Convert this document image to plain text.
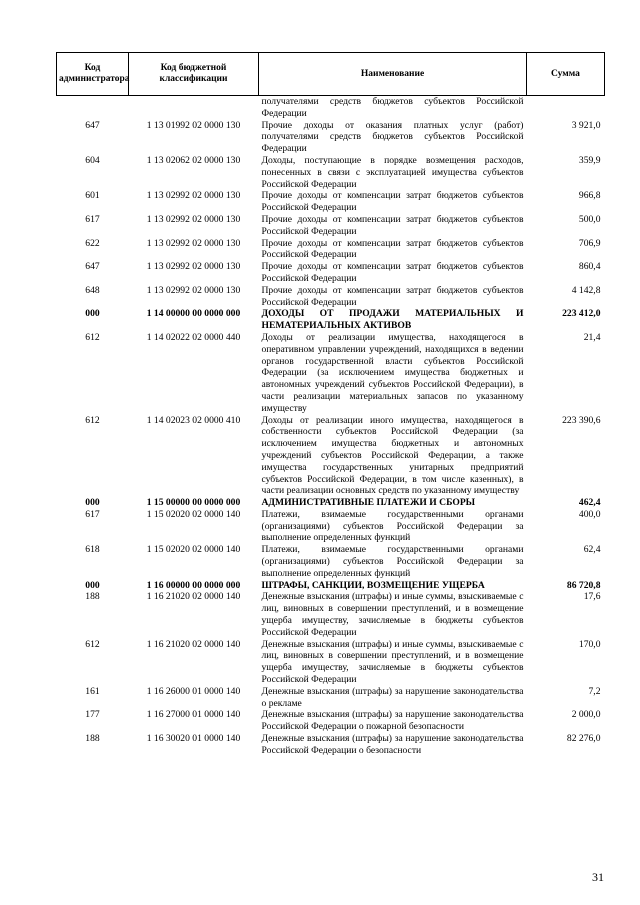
Код администратора	Код бюджетной классификации	Наименование	Сумма
		получателями средств бюджетов субъектов Российской Федерации	
647	1 13 01992 02 0000 130	Прочие доходы от оказания платных услуг (работ) получателями средств бюджетов субъектов Российской Федерации	3 921,0
604	1 13 02062 02 0000 130	Доходы, поступающие в порядке возмещения расходов, понесенных в связи с эксплуатацией имущества субъектов Российской Федерации	359,9
601	1 13 02992 02 0000 130	Прочие доходы от компенсации затрат бюджетов субъектов Российской Федерации	966,8
617	1 13 02992 02 0000 130	Прочие доходы от компенсации затрат бюджетов субъектов Российской Федерации	500,0
622	1 13 02992 02 0000 130	Прочие доходы от компенсации затрат бюджетов субъектов Российской Федерации	706,9
647	1 13 02992 02 0000 130	Прочие доходы от компенсации затрат бюджетов субъектов Российской Федерации	860,4
648	1 13 02992 02 0000 130	Прочие доходы от компенсации затрат бюджетов субъектов Российской Федерации	4 142,8
000	1 14 00000 00 0000 000	ДОХОДЫ ОТ ПРОДАЖИ МАТЕРИАЛЬНЫХ И НЕМАТЕРИАЛЬНЫХ АКТИВОВ	223 412,0
612	1 14 02022 02 0000 440	Доходы от реализации имущества, находящегося в оперативном управлении учреждений, находящихся в ведении органов государственной власти субъектов Российской Федерации (за исключением имущества бюджетных и автономных учреждений субъектов Российской Федерации), в части реализации материальных запасов по указанному имуществу	21,4
612	1 14 02023 02 0000 410	Доходы от реализации иного имущества, находящегося в собственности субъектов Российской Федерации (за исключением имущества бюджетных и автономных учреждений субъектов Российской Федерации, а также имущества государственных унитарных предприятий субъектов Российской Федерации, в том числе казенных), в части реализации основных средств по указанному имуществу	223 390,6
000	1 15 00000 00 0000 000	АДМИНИСТРАТИВНЫЕ ПЛАТЕЖИ И СБОРЫ	462,4
617	1 15 02020 02 0000 140	Платежи, взимаемые государственными органами (организациями) субъектов Российской Федерации за выполнение определенных функций	400,0
618	1 15 02020 02 0000 140	Платежи, взимаемые государственными органами (организациями) субъектов Российской Федерации за выполнение определенных функций	62,4
000	1 16 00000 00 0000 000	ШТРАФЫ, САНКЦИИ, ВОЗМЕЩЕНИЕ УЩЕРБА	86 720,8
188	1 16 21020 02 0000 140	Денежные взыскания (штрафы) и иные суммы, взыскиваемые с лиц, виновных в совершении преступлений, и в возмещение ущерба имуществу, зачисляемые в бюджеты субъектов Российской Федерации	17,6
612	1 16 21020 02 0000 140	Денежные взыскания (штрафы) и иные суммы, взыскиваемые с лиц, виновных в совершении преступлений, и в возмещение ущерба имуществу, зачисляемые в бюджеты субъектов Российской Федерации	170,0
161	1 16 26000 01 0000 140	Денежные взыскания (штрафы) за нарушение законодательства о рекламе	7,2
177	1 16 27000 01 0000 140	Денежные взыскания (штрафы) за нарушение законодательства Российской Федерации о пожарной безопасности	2 000,0
188	1 16 30020 01 0000 140	Денежные взыскания (штрафы) за нарушение законодательства Российской Федерации о безопасности	82 276,0
31
